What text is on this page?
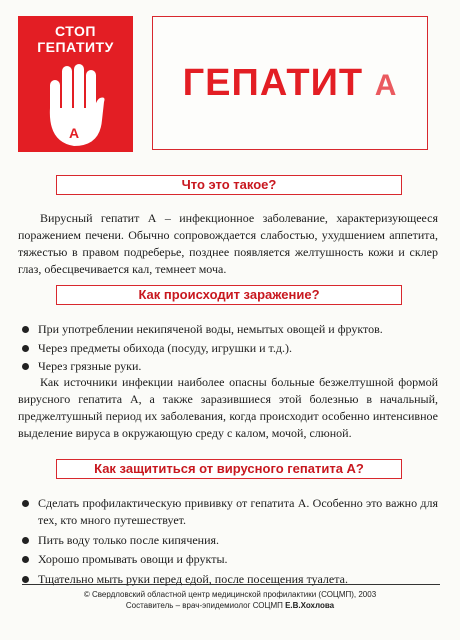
СТОП
ГЕПАТИТУ
A
ГЕПАТИТ А
Что это такое?

Вирусный гепатит А – инфекционное заболевание, характеризующееся поражением печени. Обычно сопровождается слабостью, ухудшением аппетита, тяжестью в правом подреберье, позднее появляется желтушность кожи и склер глаз, обесцвечивается кал, темнеет моча.

Как происходит заражение?
При употреблении некипяченой воды, немытых овощей и фруктов.
Через предметы обихода (посуду, игрушки и т.д.).
Через грязные руки.

Как источники инфекции наиболее опасны больные безжелтушной формой вирусного гепатита А, а также заразившиеся этой болезнью в начальный, преджелтушный период их заболевания, когда происходит особенно интенсивное выделение вируса в окружающую среду с калом, мочой, слюной.

Как защититься от вирусного гепатита А?
Сделать профилактическую прививку от гепатита А. Особенно это важно для тех, кто много путешествует.
Пить воду только после кипячения.
Хорошо промывать овощи и фрукты.
Тщательно мыть руки перед едой, после посещения туалета.
© Свердловский областной центр медицинской профилактики (СОЦМП), 2003
Составитель – врач-эпидемиолог СОЦМП Е.В.Хохлова
